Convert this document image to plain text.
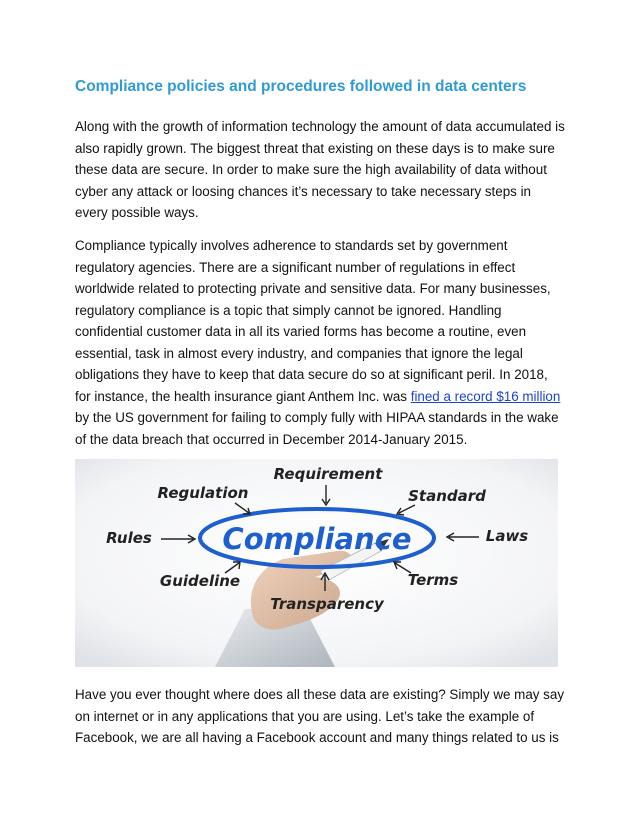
Compliance policies and procedures followed in data centers

Along with the growth of information technology the amount of data accumulated is also rapidly grown. The biggest threat that existing on these days is to make sure these data are secure. In order to make sure the high availability of data without cyber any attack or loosing chances it’s necessary to take necessary steps in every possible ways.

Compliance typically involves adherence to standards set by government regulatory agencies. There are a significant number of regulations in effect worldwide related to protecting private and sensitive data. For many businesses, regulatory compliance is a topic that simply cannot be ignored. Handling confidential customer data in all its varied forms has become a routine, even essential, task in almost every industry, and companies that ignore the legal obligations they have to keep that data secure do so at significant peril. In 2018, for instance, the health insurance giant Anthem Inc. was fined a record $16 million by the US government for failing to comply fully with HIPAA standards in the wake of the data breach that occurred in December 2014-January 2015.

Compliance
Requirement
Regulation	Standard
Rules	Laws
Guideline	Terms
Transparency

Have you ever thought where does all these data are existing? Simply we may say on internet or in any applications that you are using. Let’s take the example of Facebook, we are all having a Facebook account and many things related to us is
